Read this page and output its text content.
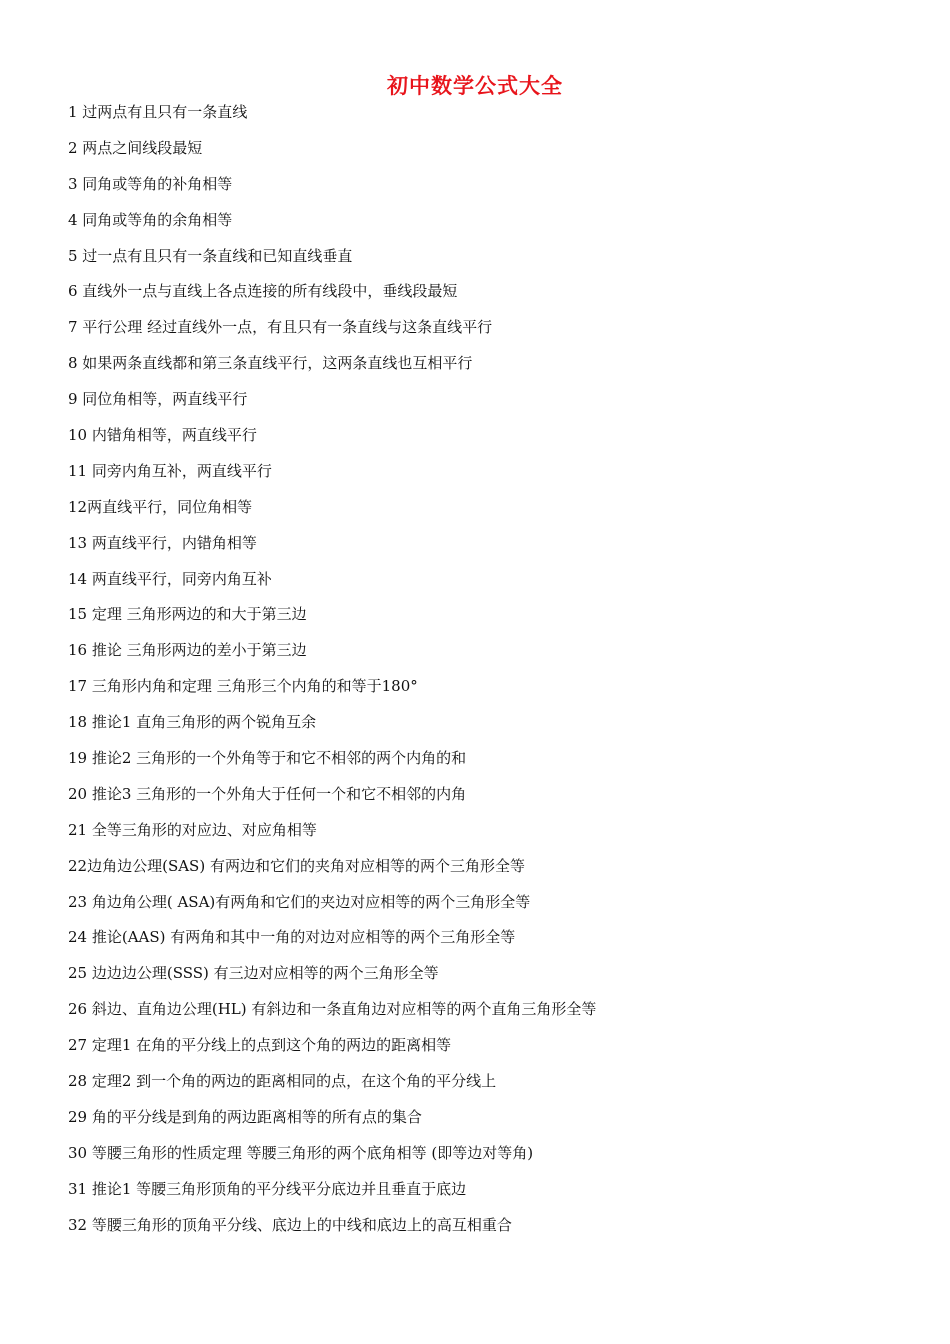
初中数学公式大全
1 过两点有且只有一条直线
2 两点之间线段最短
3 同角或等角的补角相等
4 同角或等角的余角相等
5 过一点有且只有一条直线和已知直线垂直
6 直线外一点与直线上各点连接的所有线段中，垂线段最短
7 平行公理 经过直线外一点，有且只有一条直线与这条直线平行
8 如果两条直线都和第三条直线平行，这两条直线也互相平行
9 同位角相等，两直线平行
10 内错角相等，两直线平行
11 同旁内角互补，两直线平行
12两直线平行，同位角相等
13 两直线平行，内错角相等
14 两直线平行，同旁内角互补
15 定理 三角形两边的和大于第三边
16 推论 三角形两边的差小于第三边
17 三角形内角和定理 三角形三个内角的和等于180°
18 推论1 直角三角形的两个锐角互余
19 推论2 三角形的一个外角等于和它不相邻的两个内角的和
20 推论3 三角形的一个外角大于任何一个和它不相邻的内角
21 全等三角形的对应边、对应角相等
22边角边公理(SAS) 有两边和它们的夹角对应相等的两个三角形全等
23 角边角公理( ASA)有两角和它们的夹边对应相等的两个三角形全等
24 推论(AAS) 有两角和其中一角的对边对应相等的两个三角形全等
25 边边边公理(SSS) 有三边对应相等的两个三角形全等
26 斜边、直角边公理(HL) 有斜边和一条直角边对应相等的两个直角三角形全等
27 定理1 在角的平分线上的点到这个角的两边的距离相等
28 定理2 到一个角的两边的距离相同的点，在这个角的平分线上
29 角的平分线是到角的两边距离相等的所有点的集合
30 等腰三角形的性质定理 等腰三角形的两个底角相等 (即等边对等角)
31 推论1 等腰三角形顶角的平分线平分底边并且垂直于底边
32 等腰三角形的顶角平分线、底边上的中线和底边上的高互相重合
